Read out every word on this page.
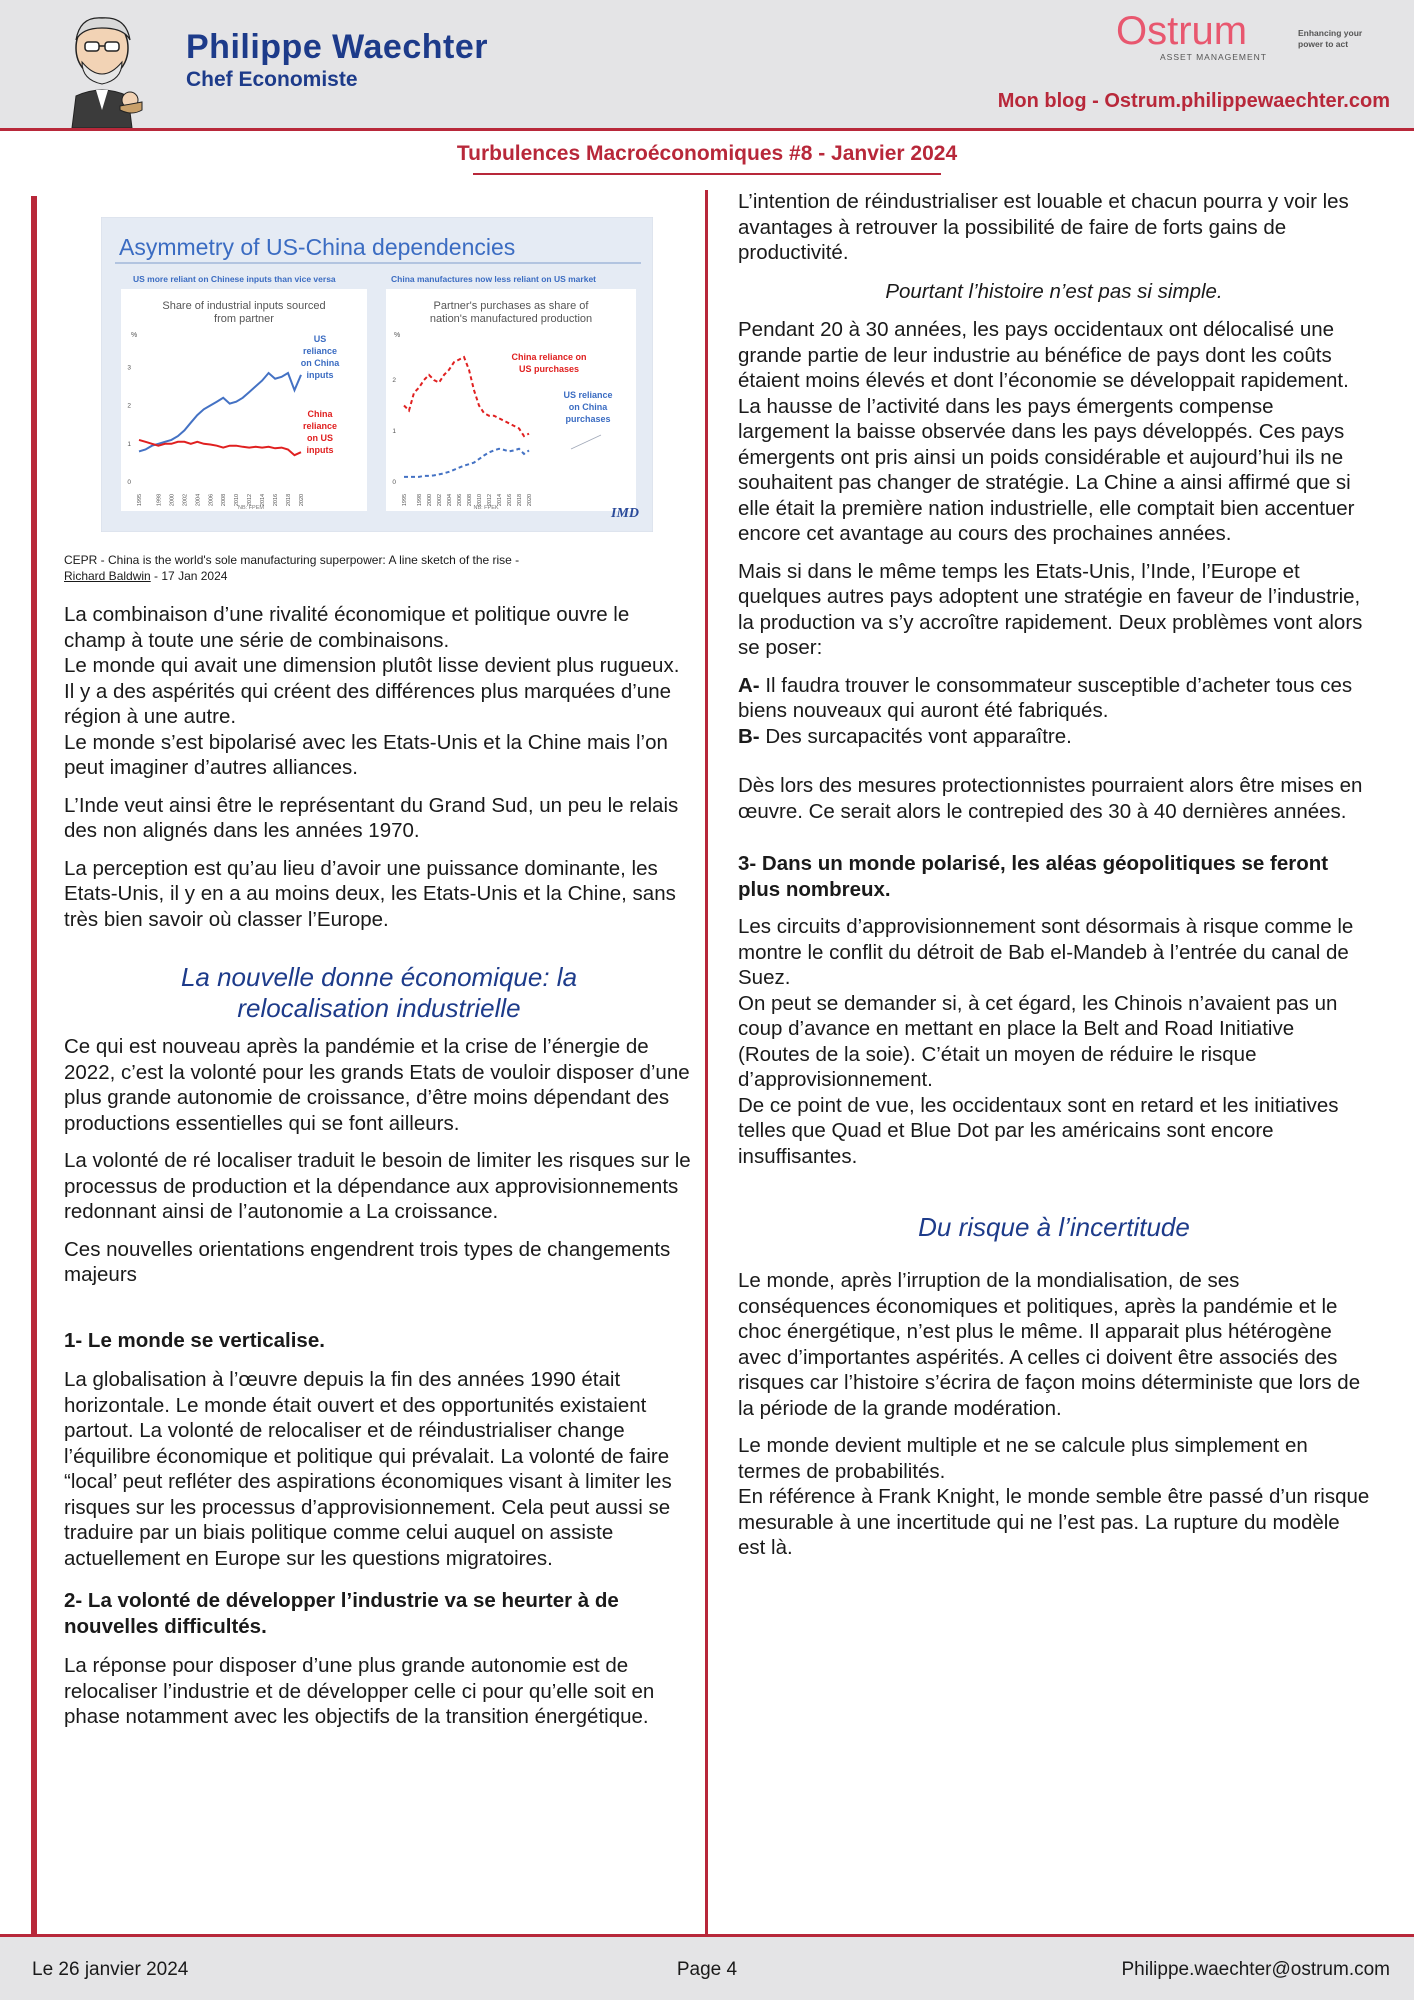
Philippe Waechter
Chef Economiste
Ostrum
ASSET MANAGEMENT
Enhancing your
power to act
Mon blog - Ostrum.philippewaechter.com
Turbulences Macroéconomiques #8 - Janvier 2024
Asymmetry of US-China dependencies
US more reliant on Chinese inputs than vice versa	China manufactures now less reliant on US market
Share of industrial inputs sourced
from partner
%
0
1
2
3
1995 1998 2000 2002 2004 2006 2008 2010 2012 2014 2016 2018 2020
NB: FPEM
US
reliance
on China
inputs
China
reliance
on US
inputs
Partner's purchases as share of
nation's manufactured production
%
0
1
2
1995 1998 2000 2002 2004 2006 2008 2010 2012 2014 2016 2018 2020
NB: FPEK
China reliance on
US purchases
US reliance
on China
purchases
IMD
CEPR - China is the world's sole manufacturing superpower: A line sketch of the rise -
Richard Baldwin - 17 Jan 2024

La combinaison d’une rivalité économique et politique ouvre le champ à toute une série de combinaisons.
Le monde qui avait une dimension plutôt lisse devient plus rugueux. Il y a des aspérités qui créent des différences plus marquées d’une région à une autre.
Le monde s’est bipolarisé avec les Etats-Unis et la Chine mais l’on peut imaginer d’autres alliances.

L’Inde veut ainsi être le représentant du Grand Sud, un peu le relais des non alignés dans les années 1970.

La perception est qu’au lieu d’avoir une puissance dominante, les Etats-Unis, il y en a au moins deux, les Etats-Unis et la Chine, sans très bien savoir où classer l’Europe.

La nouvelle donne économique: la
relocalisation industrielle

Ce qui est nouveau après la pandémie et la crise de l’énergie de 2022, c’est la volonté pour les grands Etats de vouloir disposer d’une plus grande autonomie de croissance, d’être moins dépendant des productions essentielles qui se font ailleurs.

La volonté de ré localiser traduit le besoin de limiter les risques sur le processus de production et la dépendance aux approvisionnements redonnant ainsi de l’autonomie a La croissance.

Ces nouvelles orientations engendrent trois types de changements majeurs

1- Le monde se verticalise.

La globalisation à l’œuvre depuis la fin des années 1990 était horizontale. Le monde était ouvert et des opportunités existaient partout. La volonté de relocaliser et de réindustrialiser change l’équilibre économique et politique qui prévalait. La volonté de faire “local’ peut refléter des aspirations économiques visant à limiter les risques sur les processus d’approvisionnement. Cela peut aussi se traduire par un biais politique comme celui auquel on assiste actuellement en Europe sur les questions migratoires.

2- La volonté de développer l’industrie va se heurter à de nouvelles difficultés.

La réponse pour disposer d’une plus grande autonomie est de relocaliser l’industrie et de développer celle ci pour qu’elle soit en phase notamment avec les objectifs de la transition énergétique.

L’intention de réindustrialiser est louable et chacun pourra y voir les avantages à retrouver la possibilité de faire de forts gains de productivité.

Pourtant l’histoire n’est pas si simple.

Pendant 20 à 30 années, les pays occidentaux ont délocalisé une grande partie de leur industrie au bénéfice de pays dont les coûts étaient moins élevés et dont l’économie se développait rapidement. La hausse de l’activité dans les pays émergents compense largement la baisse observée dans les pays développés. Ces pays émergents ont pris ainsi un poids considérable et aujourd’hui ils ne souhaitent pas changer de stratégie. La Chine a ainsi affirmé que si elle était la première nation industrielle, elle comptait bien accentuer encore cet avantage au cours des prochaines années.

Mais si dans le même temps les Etats-Unis, l’Inde, l’Europe et quelques autres pays adoptent une stratégie en faveur de l’industrie, la production va s’y accroître rapidement. Deux problèmes vont alors se poser:

A- Il faudra trouver le consommateur susceptible d’acheter tous ces biens nouveaux qui auront été fabriqués.
B- Des surcapacités vont apparaître.

Dès lors des mesures protectionnistes pourraient alors être mises en œuvre. Ce serait alors le contrepied des 30 à 40 dernières années.

3- Dans un monde polarisé, les aléas géopolitiques se feront plus nombreux.

Les circuits d’approvisionnement sont désormais à risque comme le montre le conflit du détroit de Bab el-Mandeb à l’entrée du canal de Suez.
On peut se demander si, à cet égard, les Chinois n’avaient pas un coup d’avance en mettant en place la Belt and Road Initiative (Routes de la soie). C’était un moyen de réduire le risque d’approvisionnement.
De ce point de vue, les occidentaux sont en retard et les initiatives telles que Quad et Blue Dot par les américains sont encore insuffisantes.

Du risque à l’incertitude

Le monde, après l’irruption de la mondialisation, de ses conséquences économiques et politiques, après la pandémie et le choc énergétique, n’est plus le même. Il apparait plus hétérogène avec d’importantes aspérités. A celles ci doivent être associés des risques car l’histoire s’écrira de façon moins déterministe que lors de la période de la grande modération.

Le monde devient multiple et ne se calcule plus simplement en termes de probabilités.
En référence à Frank Knight, le monde semble être passé d’un risque mesurable à une incertitude qui ne l’est pas. La rupture du modèle est là.

Le 26 janvier 2024	Page 4	Philippe.waechter@ostrum.com
